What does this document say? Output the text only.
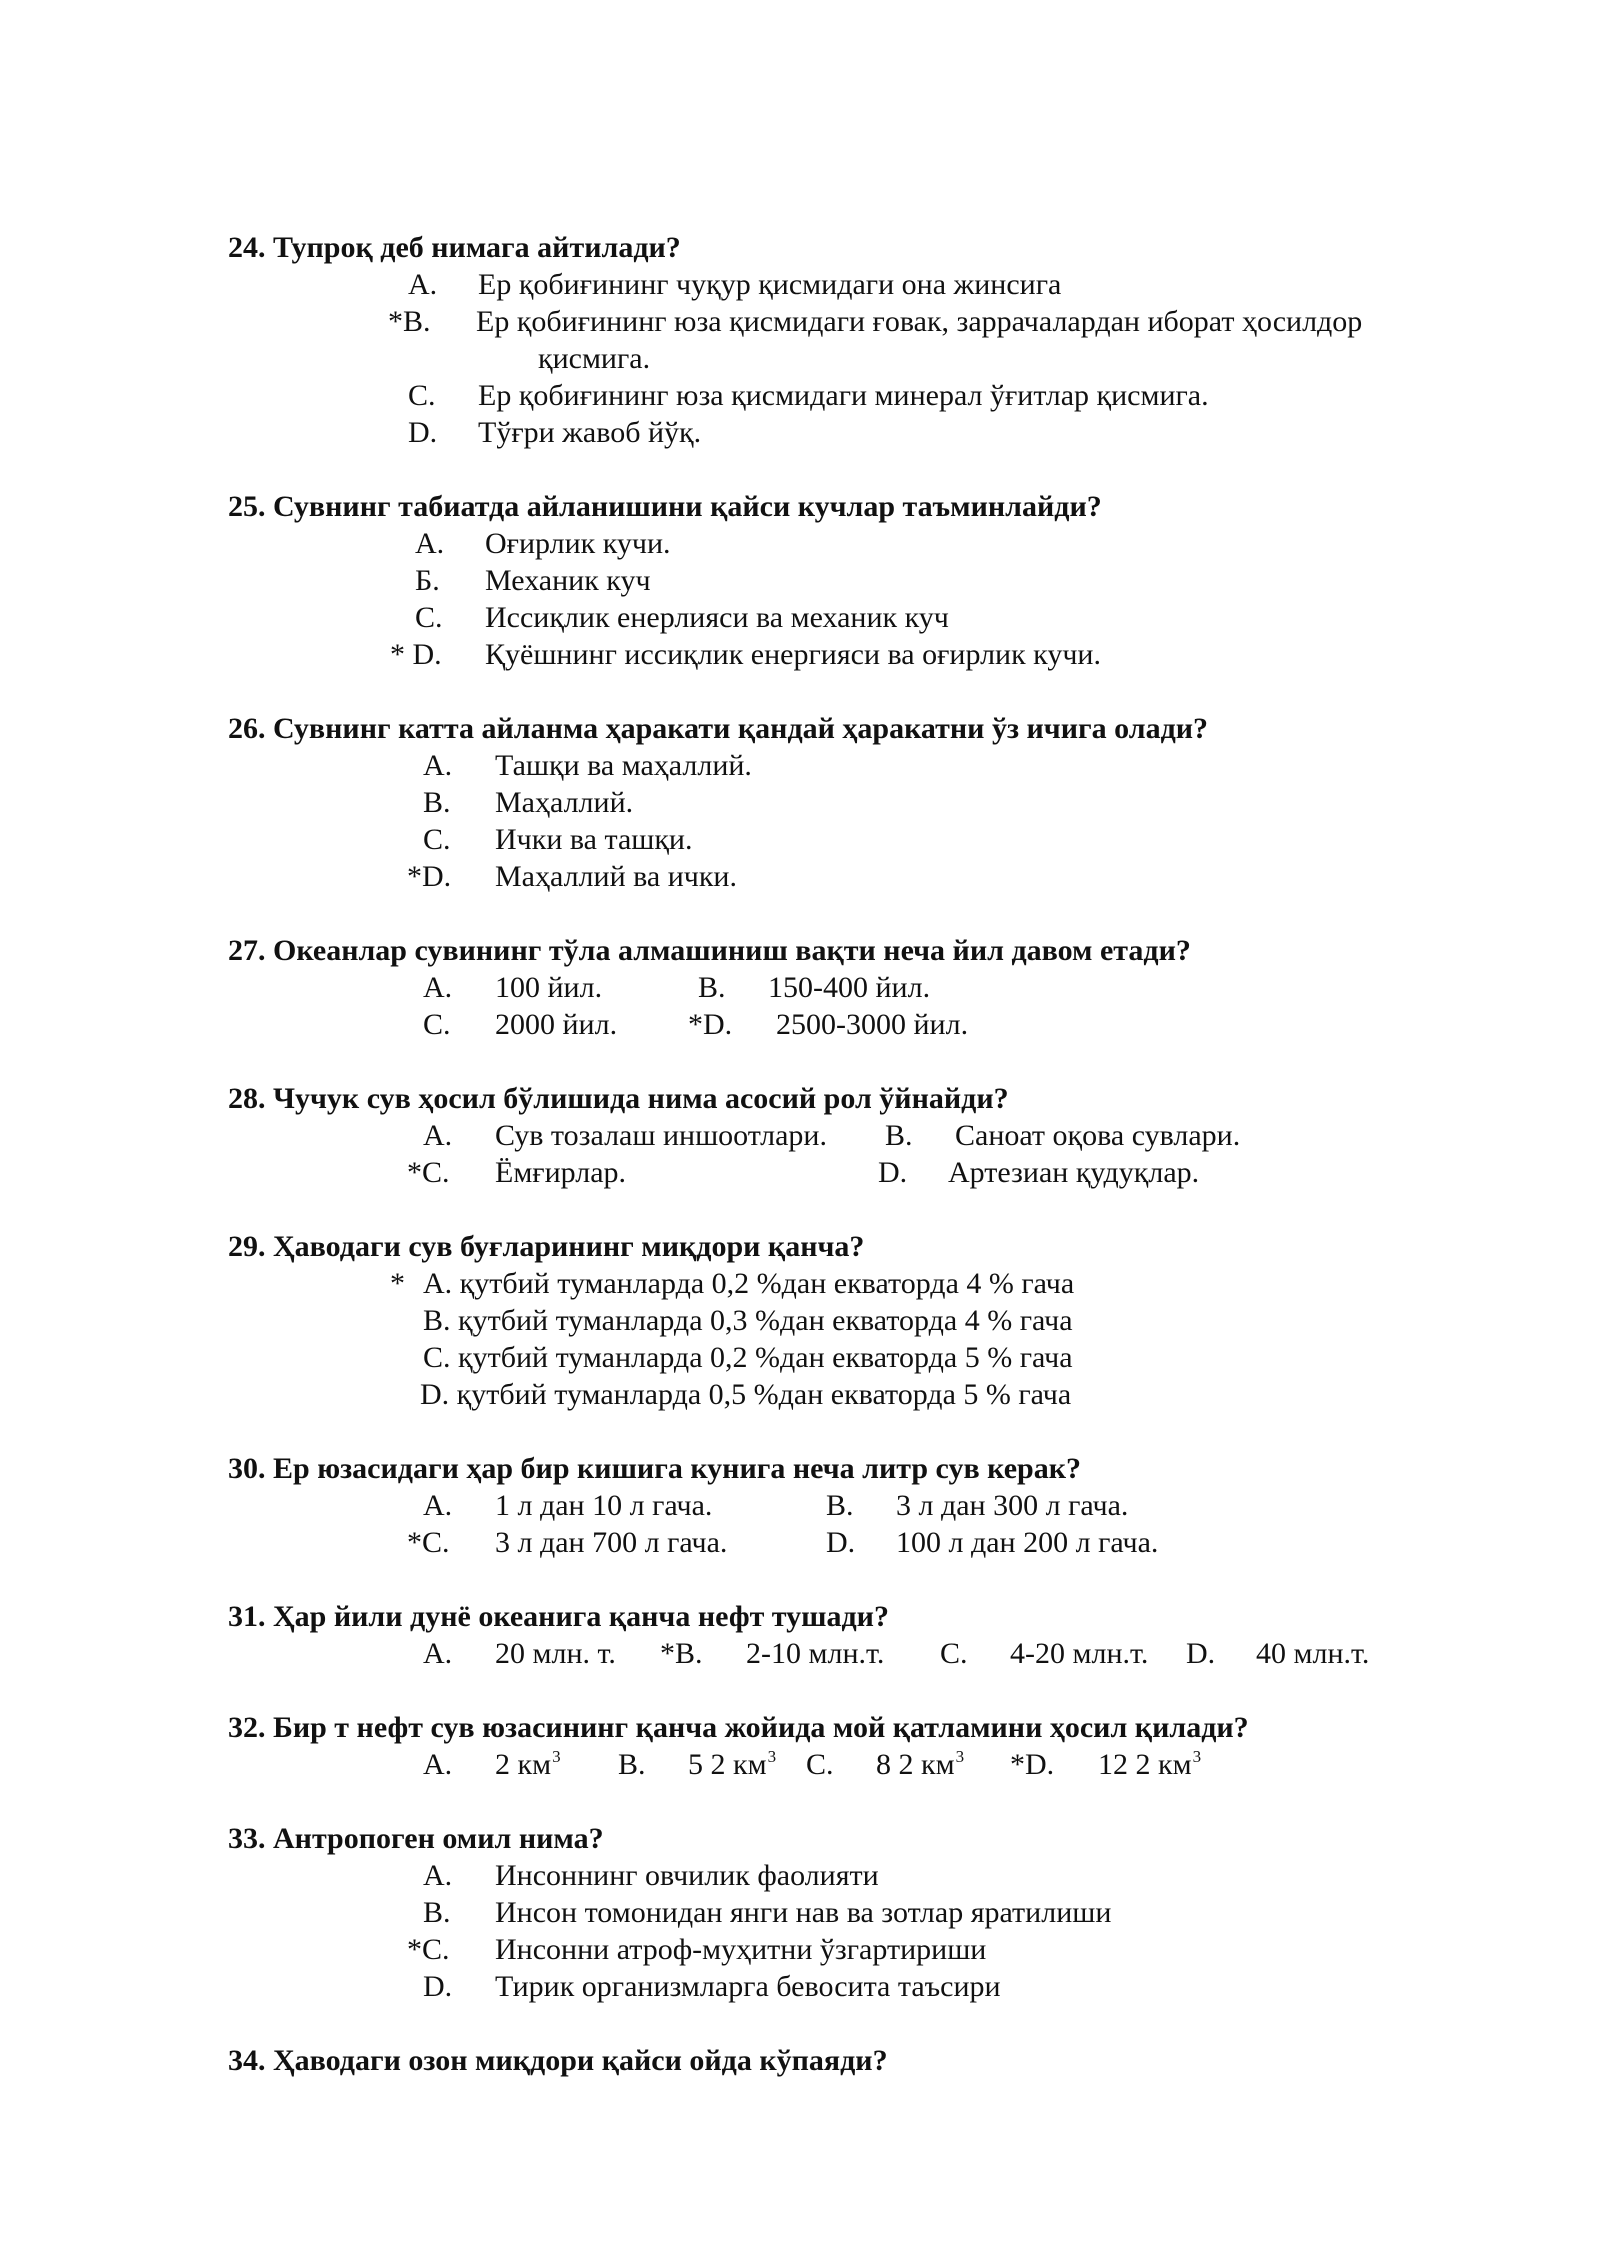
24. Тупроқ деб нимага айтилади?
A. Ер қобиғининг чуқур қисмидаги она жинсига
*B. Ер қобиғининг юза қисмидаги ғовак, заррачалардан иборат ҳосилдор
қисмига.
C. Ер қобиғининг юза қисмидаги минерал ўғитлар қисмига.
D. Тўғри жавоб йўқ.
25. Сувнинг табиатда айланишини қайси кучлар таъминлайди?
A. Оғирлик кучи.
Б. Механик куч
C. Иссиқлик енерлияси ва механик куч
* D. Қуёшнинг иссиқлик енергияси ва оғирлик кучи.
26. Сувнинг катта айланма ҳаракати қандай ҳаракатни ўз ичига олади?
A. Ташқи ва маҳаллий.
B. Маҳаллий.
C. Ички ва ташқи.
*D. Маҳаллий ва ички.
27. Океанлар сувининг тўла алмашиниш вақти неча йил давом етади?
A. 100 йил.	B. 150-400 йил.
C. 2000 йил. *D. 2500-3000 йил.
28. Чучук сув ҳосил бўлишида нима асосий рол ўйнайди?
A. Сув тозалаш иншоотлари. B. Саноат оқова сувлари.
*C. Ёмғирлар.	D. Артезиан қудуқлар.
29. Ҳаводаги сув буғларининг миқдори қанча?
* A. қутбий туманларда 0,2 %дан екваторда 4 % гача
B. қутбий туманларда 0,3 %дан екваторда 4 % гача
C. қутбий туманларда 0,2 %дан екваторда 5 % гача
D. қутбий туманларда 0,5 %дан екваторда 5 % гача
30. Ер юзасидаги ҳар бир кишига кунига неча литр сув керак?
A. 1 л дан 10 л гача.	B. 3 л дан 300 л гача.
*C. 3 л дан 700 л гача.	D. 100 л дан 200 л гача.
31. Ҳар йили дунё океанига қанча нефт тушади?
A. 20 млн. т. *B. 2-10 млн.т. C. 4-20 млн.т. D. 40 млн.т.
32. Бир т нефт сув юзасининг қанча жойида мой қатламини ҳосил қилади?
A. 2 $км^3$ B. 5 2 $км^3$ C. 8 2 $км^3$ *D. 12 2 $км^3$
33. Антропоген омил нима?
A. Инсоннинг овчилик фаолияти
B. Инсон томонидан янги нав ва зотлар яратилиши
*C. Инсонни атроф-муҳитни ўзгартириши
D. Тирик организмларга бевосита таъсири
34. Ҳаводаги озон миқдори қайси ойда кўпаяди?
